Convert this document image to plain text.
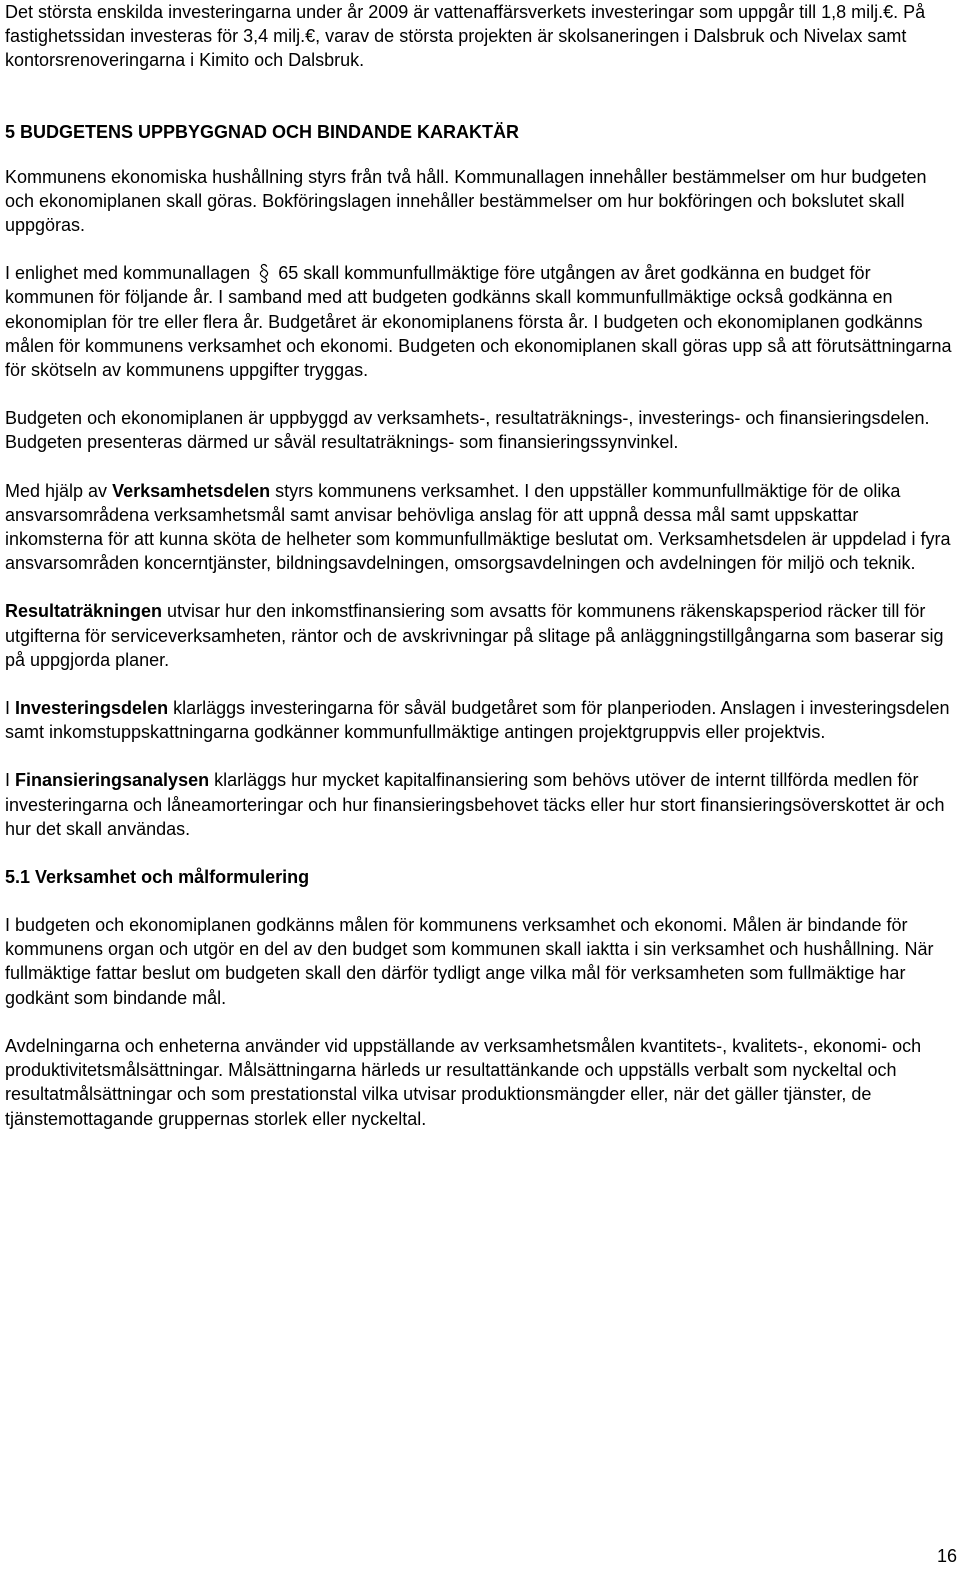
Det största enskilda investeringarna under år 2009 är vattenaffärsverkets investeringar som uppgår till 1,8 milj.€. På fastighetssidan investeras för 3,4 milj.€, varav de största projekten är skolsaneringen i Dalsbruk och Nivelax samt kontorsrenoveringarna i Kimito och Dalsbruk.

5 BUDGETENS UPPBYGGNAD OCH BINDANDE KARAKTÄR

Kommunens ekonomiska hushållning styrs från två håll. Kommunallagen innehåller bestämmelser om hur budgeten och ekonomiplanen skall göras. Bokföringslagen innehåller bestämmelser om hur bokföringen och bokslutet skall uppgöras.

I enlighet med kommunallagen 65 skall kommunfullmäktige före utgången av året godkänna en budget för kommunen för följande år. I samband med att budgeten godkänns skall kommunfullmäktige också godkänna en ekonomiplan för tre eller flera år. Budgetåret är ekonomiplanens första år. I budgeten och ekonomiplanen godkänns målen för kommunens verksamhet och ekonomi. Budgeten och ekonomiplanen skall göras upp så att förutsättningarna för skötseln av kommunens uppgifter tryggas.

Budgeten och ekonomiplanen är uppbyggd av verksamhets-, resultaträknings-, investerings- och finansieringsdelen. Budgeten presenteras därmed ur såväl resultaträknings- som finansieringssynvinkel.

Med hjälp av Verksamhetsdelen styrs kommunens verksamhet. I den uppställer kommunfullmäktige för de olika ansvarsområdena verksamhetsmål samt anvisar behövliga anslag för att uppnå dessa mål samt uppskattar inkomsterna för att kunna sköta de helheter som kommunfullmäktige beslutat om. Verksamhetsdelen är uppdelad i fyra ansvarsområden koncerntjänster, bildningsavdelningen, omsorgsavdelningen och avdelningen för miljö och teknik.

Resultaträkningen utvisar hur den inkomstfinansiering som avsatts för kommunens räkenskapsperiod räcker till för utgifterna för serviceverksamheten, räntor och de avskrivningar på slitage på anläggningstillgångarna som baserar sig på uppgjorda planer.

I Investeringsdelen klarläggs investeringarna för såväl budgetåret som för planperioden. Anslagen i investeringsdelen samt inkomstuppskattningarna godkänner kommunfullmäktige antingen projektgruppvis eller projektvis.

I Finansieringsanalysen klarläggs hur mycket kapitalfinansiering som behövs utöver de internt tillförda medlen för investeringarna och låneamorteringar och hur finansieringsbehovet täcks eller hur stort finansieringsöverskottet är och hur det skall användas.

5.1 Verksamhet och målformulering

I budgeten och ekonomiplanen godkänns målen för kommunens verksamhet och ekonomi. Målen är bindande för kommunens organ och utgör en del av den budget som kommunen skall iaktta i sin verksamhet och hushållning. När fullmäktige fattar beslut om budgeten skall den därför tydligt ange vilka mål för verksamheten som fullmäktige har godkänt som bindande mål.

Avdelningarna och enheterna använder vid uppställande av verksamhetsmålen kvantitets-, kvalitets-, ekonomi- och produktivitetsmålsättningar. Målsättningarna härleds ur resultattänkande och uppställs verbalt som nyckeltal och resultatmålsättningar och som prestationstal vilka utvisar produktionsmängder eller, när det gäller tjänster, de tjänstemottagande gruppernas storlek eller nyckeltal.

16
